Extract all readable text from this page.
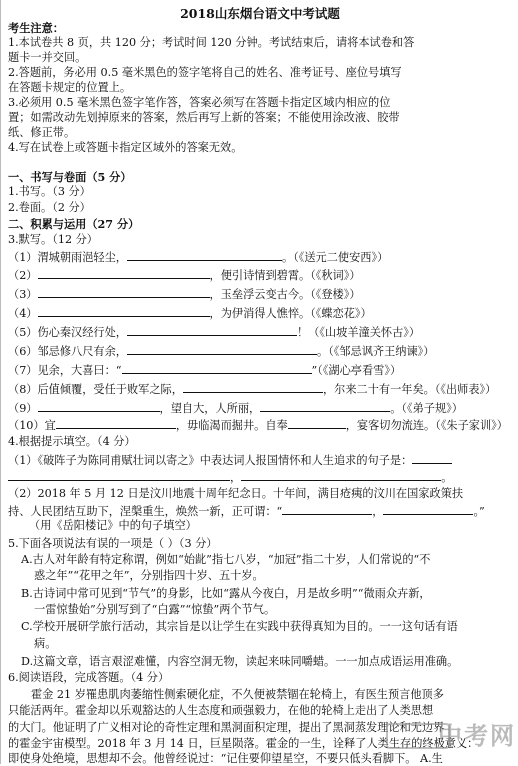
2018山东烟台语文中考试题
考生注意：
1.本试卷共 8 页，共 120 分；考试时间 120 分钟。考试结束后，请将本试卷和答
题卡一并交回。
2.答题前，务必用 0.5 毫米黑色的签字笔将自己的姓名、准考证号、座位号填写
在答题卡规定的位置上。
3.必须用 0.5 毫米黑色签字笔作答，答案必须写在答题卡指定区域内相应的位
置；如需改动先划掉原来的答案，然后再写上新的答案；不能使用涂改液、胶带
纸、修正带。
4.写在试卷上或答题卡指定区域外的答案无效。
一、书写与卷面（5 分）
1.书写。（3 分）
2.卷面。（2 分）
二、积累与运用（27 分）
3.默写。（12 分）
（1）渭城朝雨浥轻尘，	。（《送元二使安西》）
（2）	，便引诗情到碧霄。（《秋词》）
（3）	，玉垒浮云变古今。（《登楼》）
（4）	，为伊消得人憔悴。（《蝶恋花》）
（5）伤心秦汉经行处，	！（《山坡羊潼关怀古》）
（6）邹忌修八尺有余，	。（《邹忌讽齐王纳谏》）
（7）见余，大喜曰：“	”（《湖心亭看雪》）
（8）后值倾覆，受任于败军之际，	，尔来二十有一年矣。（《出师表》）
（9）	，望自大，人所丽，	。（《弟子规》）
（10）宜	，毋临渴而掘井。自奉	，宴客切勿流连。（《朱子家训》）
4.根据提示填空。（4 分）
（1）《破阵子为陈同甫赋壮词以寄之》中表达词人报国情怀和人生追求的句子是：
，	。
（2）2018 年 5 月 12 日是汶川地震十周年纪念日。十年间，满目疮痍的汶川在国家政策扶
持、人民团结互助下，涅槃重生，焕然一新，正可谓：“	，	。”
（用《岳阳楼记》中的句子填空）
5.下面各项说法有误的一项是（ ）（3 分）
A.古人对年龄有特定称谓，例如“始龀”指七八岁，“加冠”指二十岁，人们常说的“不
惑之年”“花甲之年”，分别指四十岁、五十岁。
B.古诗词中常可见到“节气”的身影，比如“露从今夜白，月是故乡明”“微雨众卉新，
一雷惊蛰始”分别写到了“白露”“惊蛰”两个节气。
C.学校开展研学旅行活动，其宗旨是以让学生在实践中获得真知为目的。一一这句话有语
病。
D.这篇文章，语言艰涩难懂，内容空洞无物，读起来味同嚼蜡。一一加点成语运用准确。
6.阅读语段，完成答题。（4 分）
霍金 21 岁罹患肌肉萎缩性侧索硬化症，不久便被禁锢在轮椅上，有医生预言他顶多
只能活两年。霍金却以乐观豁达的人生态度和顽强毅力，在他的轮椅上走出了人类思想
的大门。他证明了广义相对论的奇性定理和黑洞面积定理，提出了黑洞蒸发理论和无边界
的霍金宇宙模型。2018 年 3 月 14 日，巨星陨落。霍金的一生，诠释了人类生存的终极意义：
即使身处绝境，思想却不会。他曾经说过：“记住要仰望星空，不要只低头看脚下。 A.生
中考网
